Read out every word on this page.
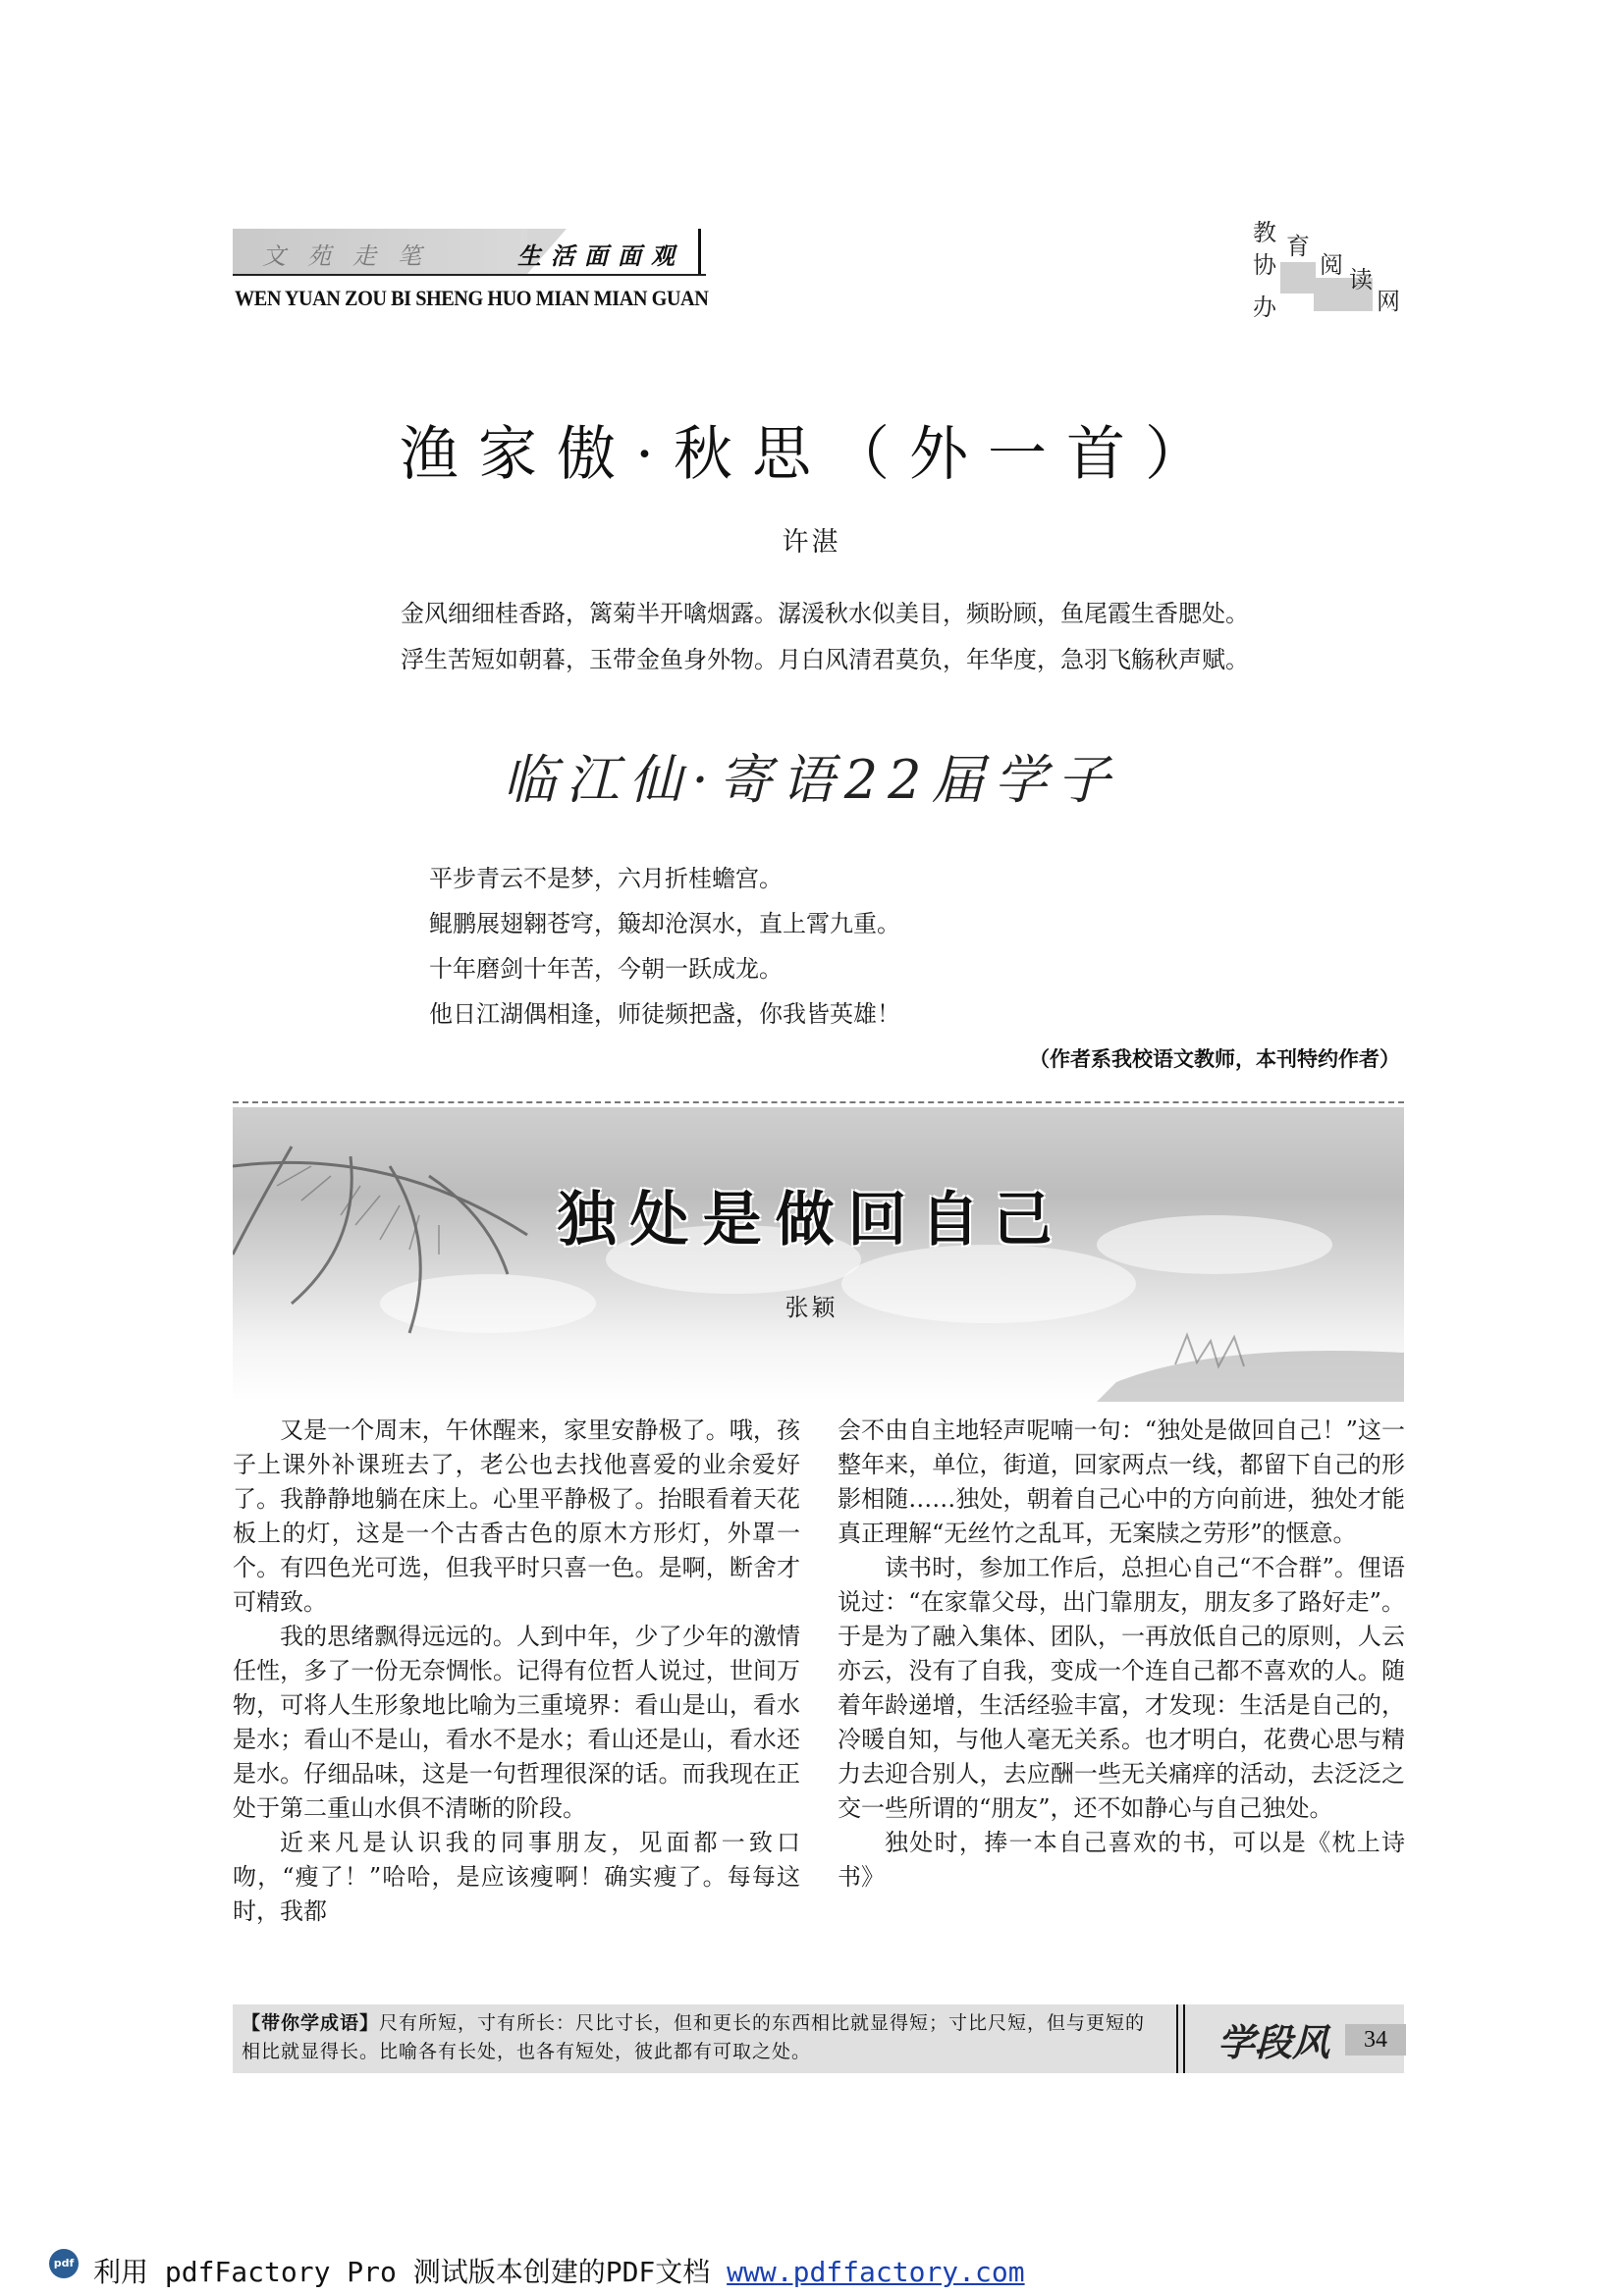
文苑走笔	生活面面观
WEN YUAN ZOU BI SHENG HUO MIAN MIAN GUAN
教 育
协 阅
读
办	网
渔家傲·秋思（外一首）
许湛
金风细细桂香路，篱菊半开噙烟露。潺湲秋水似美目，频盼顾，鱼尾霞生香腮处。
浮生苦短如朝暮，玉带金鱼身外物。月白风清君莫负，年华度，急羽飞觞秋声赋。
临江仙·寄语22届学子
平步青云不是梦，六月折桂蟾宫。
鲲鹏展翅翱苍穹，簸却沧溟水，直上霄九重。
十年磨剑十年苦，今朝一跃成龙。
他日江湖偶相逢，师徒频把盏，你我皆英雄！
（作者系我校语文教师，本刊特约作者）
独处是做回自己
张颖

又是一个周末，午休醒来，家里安静极了。哦，孩子上课外补课班去了，老公也去找他喜爱的业余爱好了。我静静地躺在床上。心里平静极了。抬眼看着天花板上的灯，这是一个古香古色的原木方形灯，外罩一个。有四色光可选，但我平时只喜一色。是啊，断舍才可精致。

我的思绪飘得远远的。人到中年，少了少年的激情任性，多了一份无奈惆怅。记得有位哲人说过，世间万物，可将人生形象地比喻为三重境界：看山是山，看水是水；看山不是山，看水不是水；看山还是山，看水还是水。仔细品味，这是一句哲理很深的话。而我现在正处于第二重山水俱不清晰的阶段。

近来凡是认识我的同事朋友，见面都一致口吻，“瘦了！”哈哈，是应该瘦啊！确实瘦了。每每这时，我都

会不由自主地轻声呢喃一句：“独处是做回自己！”这一整年来，单位，街道，回家两点一线，都留下自己的形影相随……独处，朝着自己心中的方向前进，独处才能真正理解“无丝竹之乱耳，无案牍之劳形”的惬意。

读书时，参加工作后，总担心自己“不合群”。俚语说过：“在家靠父母，出门靠朋友，朋友多了路好走”。于是为了融入集体、团队，一再放低自己的原则，人云亦云，没有了自我，变成一个连自己都不喜欢的人。随着年龄递增，生活经验丰富，才发现：生活是自己的，冷暖自知，与他人毫无关系。也才明白，花费心思与精力去迎合别人，去应酬一些无关痛痒的活动，去泛泛之交一些所谓的“朋友”，还不如静心与自己独处。

独处时，捧一本自己喜欢的书，可以是《枕上诗书》

【带你学成语】尺有所短，寸有所长：尺比寸长，但和更长的东西相比就显得短；寸比尺短，但与更短的相比就显得长。比喻各有长处，也各有短处，彼此都有可取之处。	学段风	34
pdf 利用 pdfFactory Pro 测试版本创建的PDF文档 www.pdffactory.com
